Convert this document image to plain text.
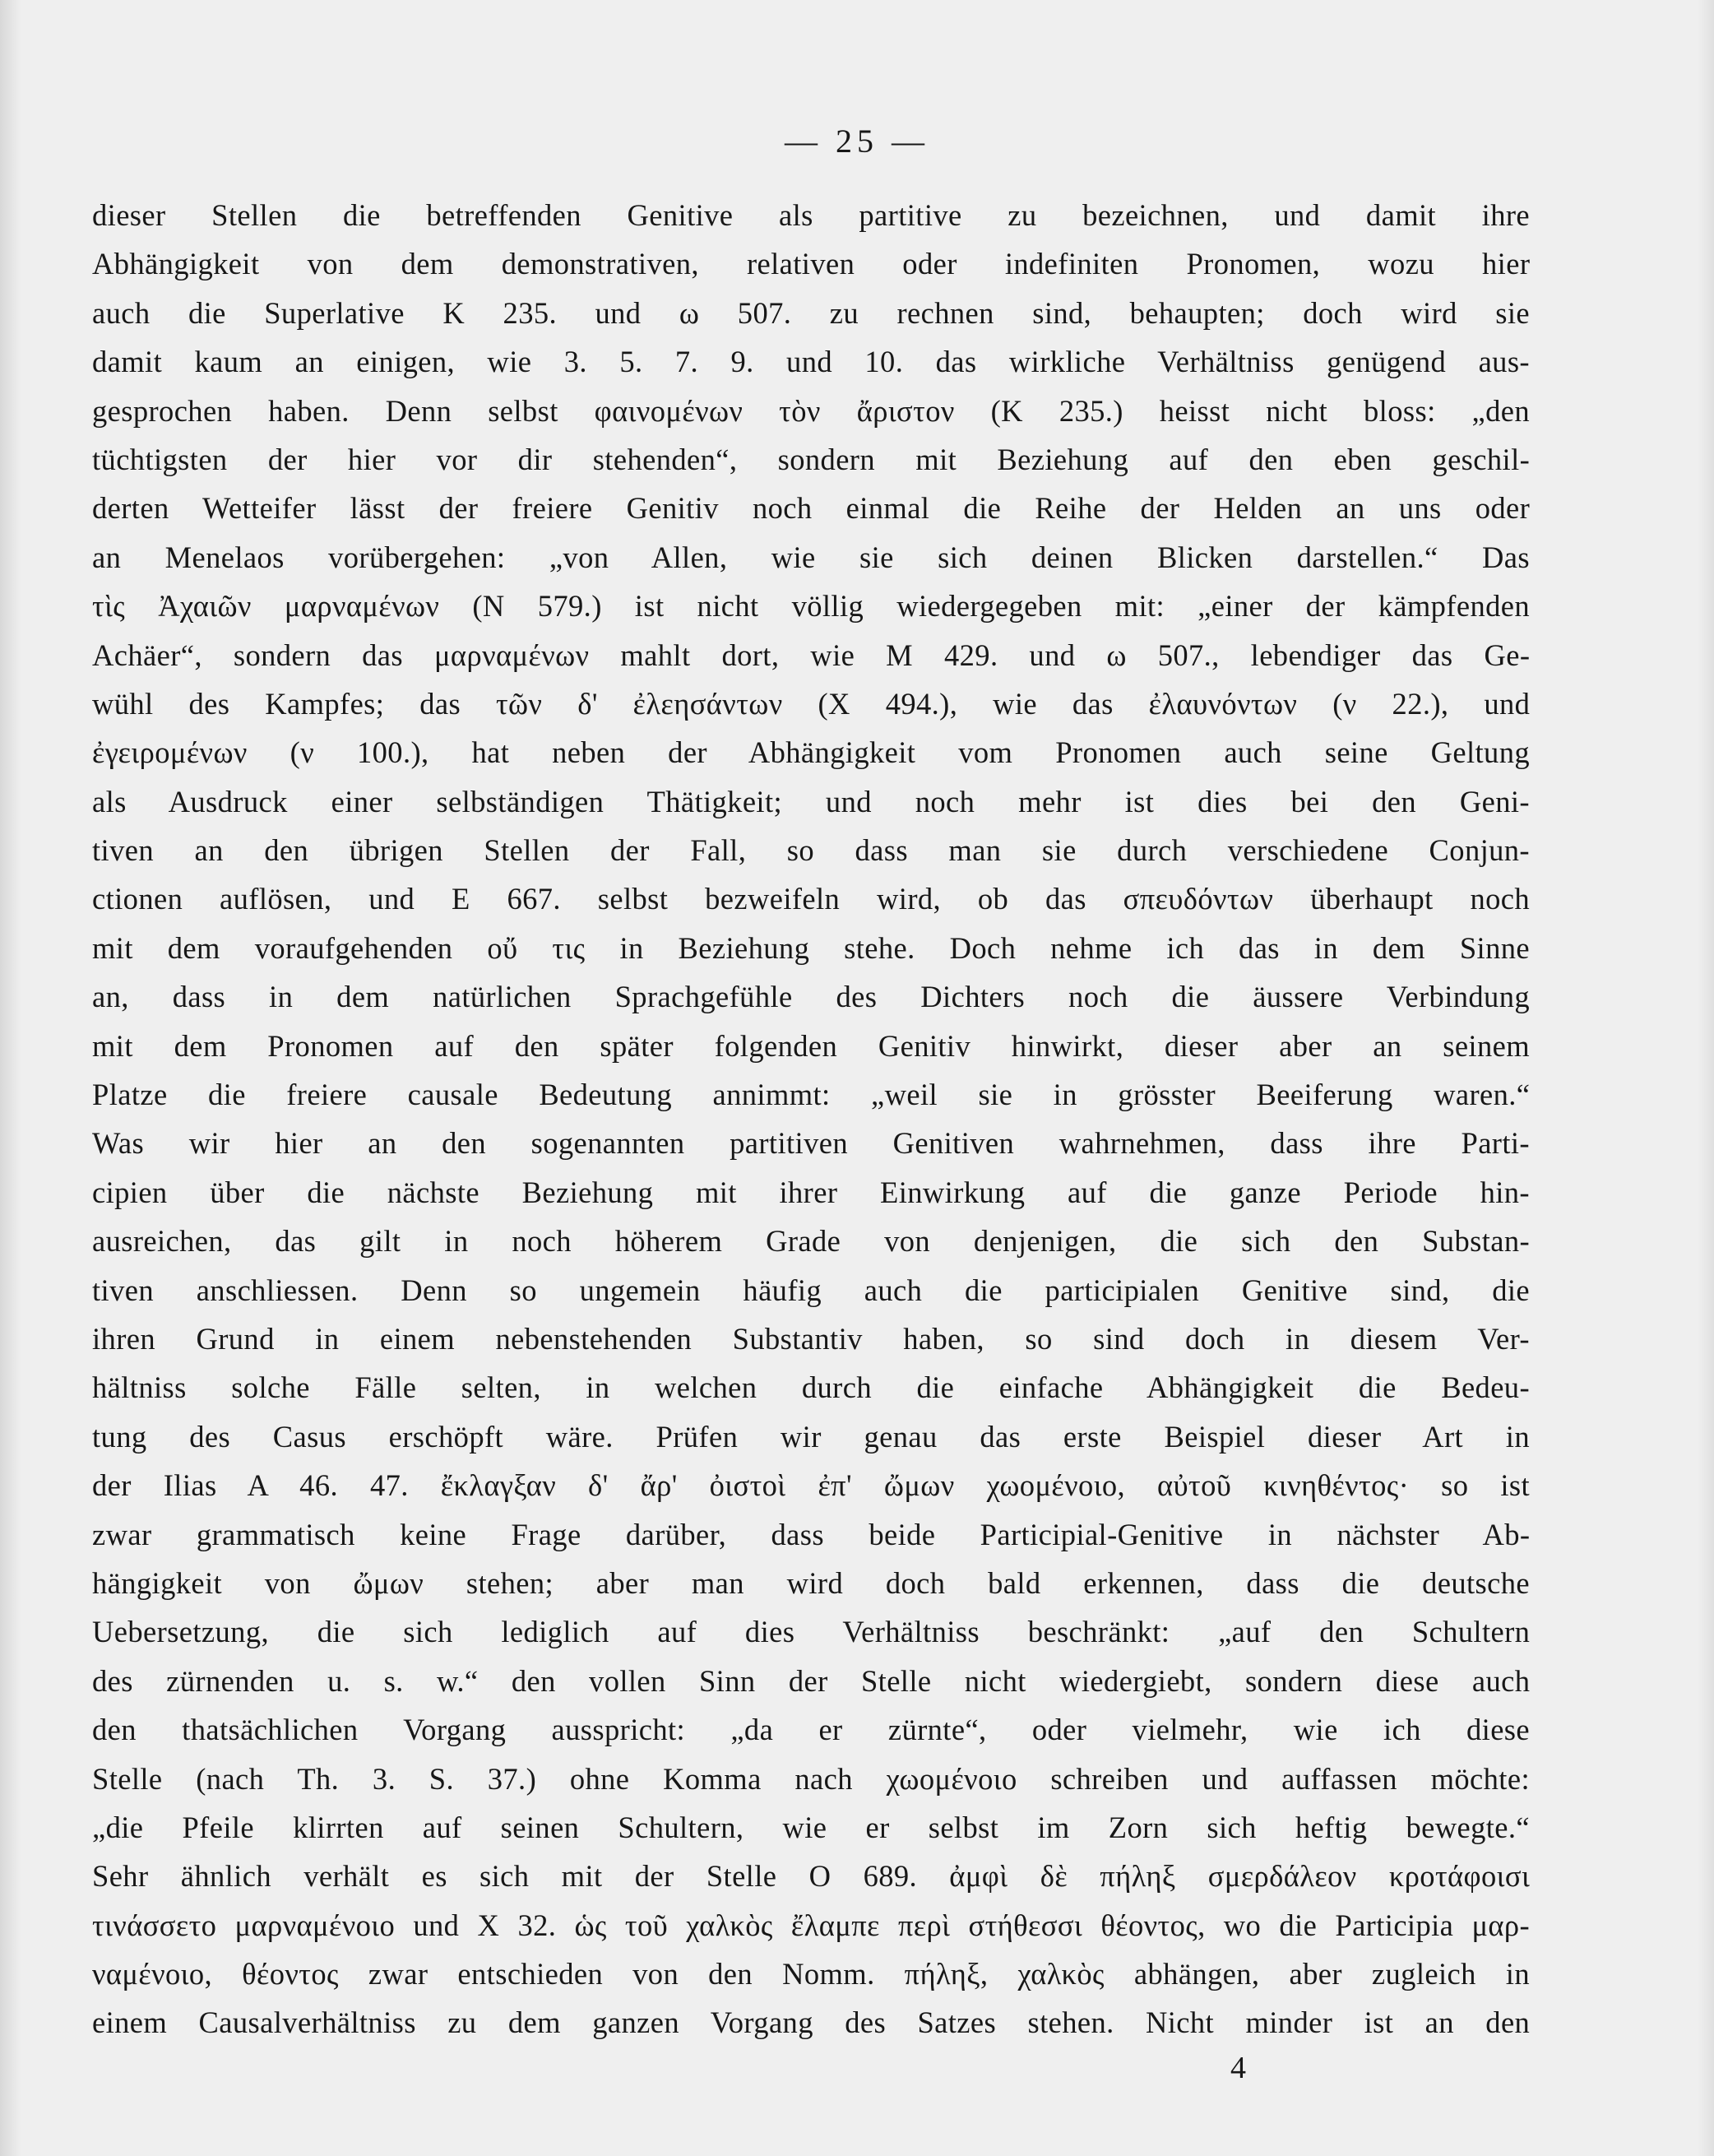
— 25 —
dieser Stellen die betreffenden Genitive als partitive zu bezeichnen, und damit ihre
Abhängigkeit von dem demonstrativen, relativen oder indefiniten Pronomen, wozu hier
auch die Superlative K 235. und ω 507. zu rechnen sind, behaupten; doch wird sie
damit kaum an einigen, wie 3. 5. 7. 9. und 10. das wirkliche Verhältniss genügend aus-
gesprochen haben. Denn selbst φαινομένων τὸν ἄριστον (K 235.) heisst nicht bloss: „den
tüchtigsten der hier vor dir stehenden“, sondern mit Beziehung auf den eben geschil-
derten Wetteifer lässt der freiere Genitiv noch einmal die Reihe der Helden an uns oder
an Menelaos vorübergehen: „von Allen, wie sie sich deinen Blicken darstellen.“ Das
τὶς Ἀχαιῶν μαρναμένων (N 579.) ist nicht völlig wiedergegeben mit: „einer der kämpfenden
Achäer“, sondern das μαρναμένων mahlt dort, wie M 429. und ω 507., lebendiger das Ge-
wühl des Kampfes; das τῶν δ' ἐλεησάντων (X 494.), wie das ἐλαυνόντων (ν 22.), und
ἐγειρομένων (ν 100.), hat neben der Abhängigkeit vom Pronomen auch seine Geltung
als Ausdruck einer selbständigen Thätigkeit; und noch mehr ist dies bei den Geni-
tiven an den übrigen Stellen der Fall, so dass man sie durch verschiedene Conjun-
ctionen auflösen, und E 667. selbst bezweifeln wird, ob das σπευδόντων überhaupt noch
mit dem voraufgehenden οὔ τις in Beziehung stehe. Doch nehme ich das in dem Sinne
an, dass in dem natürlichen Sprachgefühle des Dichters noch die äussere Verbindung
mit dem Pronomen auf den später folgenden Genitiv hinwirkt, dieser aber an seinem
Platze die freiere causale Bedeutung annimmt: „weil sie in grösster Beeiferung waren.“
Was wir hier an den sogenannten partitiven Genitiven wahrnehmen, dass ihre Parti-
cipien über die nächste Beziehung mit ihrer Einwirkung auf die ganze Periode hin-
ausreichen, das gilt in noch höherem Grade von denjenigen, die sich den Substan-
tiven anschliessen. Denn so ungemein häufig auch die participialen Genitive sind, die
ihren Grund in einem nebenstehenden Substantiv haben, so sind doch in diesem Ver-
hältniss solche Fälle selten, in welchen durch die einfache Abhängigkeit die Bedeu-
tung des Casus erschöpft wäre. Prüfen wir genau das erste Beispiel dieser Art in
der Ilias A 46. 47. ἔκλαγξαν δ' ἄρ' ὀιστοὶ ἐπ' ὤμων χωομένοιο, αὐτοῦ κινηθέντος· so ist
zwar grammatisch keine Frage darüber, dass beide Participial-Genitive in nächster Ab-
hängigkeit von ὤμων stehen; aber man wird doch bald erkennen, dass die deutsche
Uebersetzung, die sich lediglich auf dies Verhältniss beschränkt: „auf den Schultern
des zürnenden u. s. w.“ den vollen Sinn der Stelle nicht wiedergiebt, sondern diese auch
den thatsächlichen Vorgang ausspricht: „da er zürnte“, oder vielmehr, wie ich diese
Stelle (nach Th. 3. S. 37.) ohne Komma nach χωομένοιο schreiben und auffassen möchte:
„die Pfeile klirrten auf seinen Schultern, wie er selbst im Zorn sich heftig bewegte.“
Sehr ähnlich verhält es sich mit der Stelle O 689. ἀμφὶ δὲ πήληξ σμερδάλεον κροτάφοισι
τινάσσετο μαρναμένοιο und X 32. ὡς τοῦ χαλκὸς ἔλαμπε περὶ στήθεσσι θέοντος, wo die Participia μαρ-
ναμένοιο, θέοντος zwar entschieden von den Nomm. πήληξ, χαλκὸς abhängen, aber zugleich in
einem Causalverhältniss zu dem ganzen Vorgang des Satzes stehen. Nicht minder ist an den
4
